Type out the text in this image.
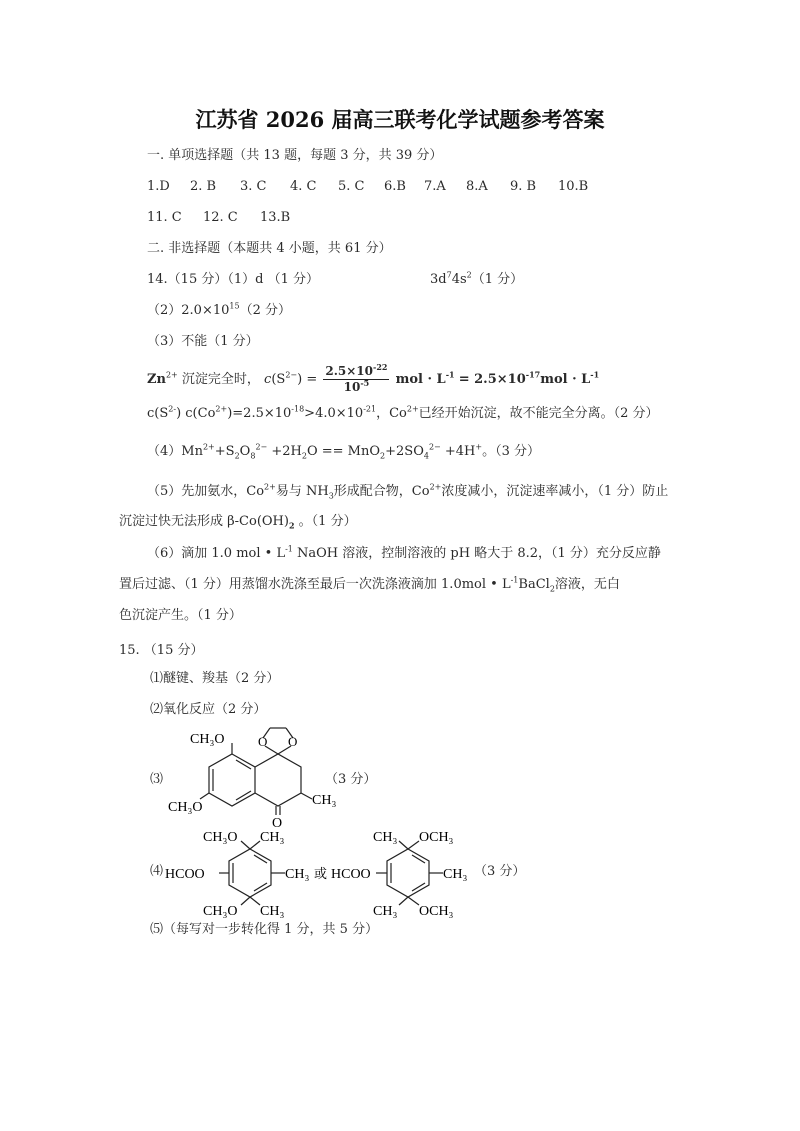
江苏省 2026 届高三联考化学试题参考答案
一. 单项选择题（共 13 题，每题 3 分，共 39 分）
1.D 2. B 3. C 4. C 5. C 6.B 7.A 8.A 9. B 10.B
11. C 12. C 13.B
二. 非选择题（本题共 4 小题，共 61 分）
14.（15 分）（1）d （1 分）	$3d^74s^2(1$ 分）
$(2)2.0\times 10^{15}(2$ 分）
（3）不能（1 分）
$Zn^{2+}$ 沉淀完全时， $c(S^{2-}) = \frac{2.5\times 10^{-22}}{10^{-5}}$ mol · $L^{-1} = 2.5\times 10^{-17}mol \cdot L^{-1}$
$c(S^{2-})$ $c(Co^{2+})=2.5\times 10^{-18}>4.0\times 10^{-21}$，$Co^{2+}$已经开始沉淀，故不能完全分离。（2 分）
$(4)Mn^{2+}+S_2O_8^{2-} +2H_2O == MnO_2+2SO_4^{2-} +4H^+$。（3 分）
（5）先加氨水，$Co^{2+}$易与 $NH_3$形成配合物，$Co^{2+}$浓度减小，沉淀速率减小，（1 分）防止
沉淀过快无法形成 $\beta-Co(OH)_2$ 。（1 分）
（6）滴加 1.0 mol • $L^{-1}$ NaOH 溶液，控制溶液的 pH 略大于 8.2，（1 分）充分反应静
置后过滤、（1 分）用蒸馏水洗涤至最后一次洗涤液滴加 1.0mol • $L^{-1}BaCl_2$溶液，无白
色沉淀产生。（1 分）
15. （15 分）
⑴醚键、羧基（2 分）
⑵氧化反应（2 分）
⑶	（3 分）
CH₃O	O O
CH₃O
O
CH₃
⑷ HCOO
CH₃O CH₃
CH₃
CH₃O CH₃
或 HCOO
CH₃ OCH₃
CH₃
CH₃ OCH₃
（3 分）
⑸（每写对一步转化得 1 分，共 5 分）
